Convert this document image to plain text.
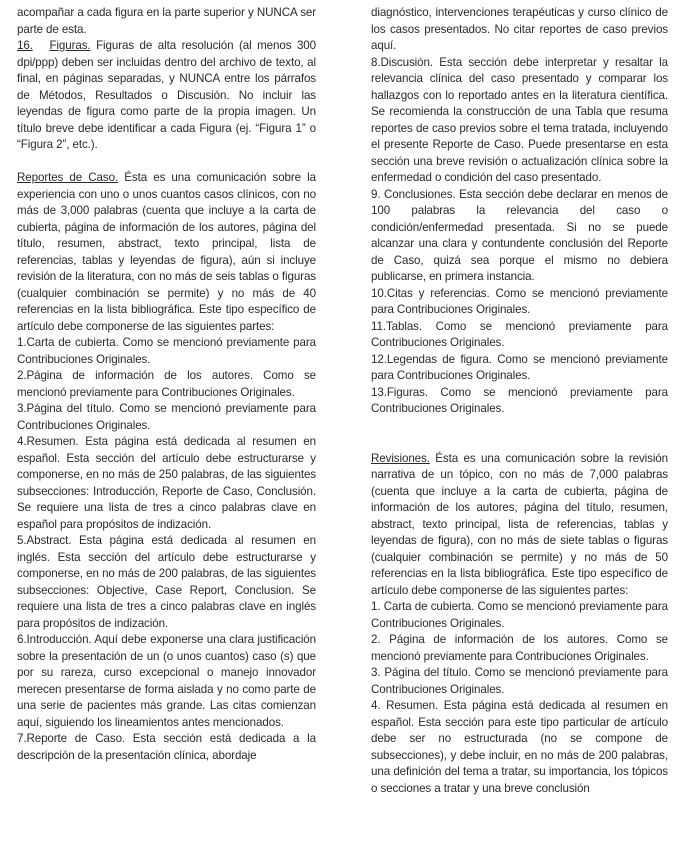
acompañar a cada figura en la parte superior y NUNCA ser parte de esta.

16. Figuras. Figuras de alta resolución (al menos 300 dpi/ppp) deben ser incluidas dentro del archivo de texto, al final, en páginas separadas, y NUNCA entre los párrafos de Métodos, Resultados o Discusión. No incluir las leyendas de figura como parte de la propia imagen. Un título breve debe identificar a cada Figura (ej. “Figura 1” o “Figura 2”, etc.).

Reportes de Caso. Ésta es una comunicación sobre la experiencia con uno o unos cuantos casos clínicos, con no más de 3,000 palabras (cuenta que incluye a la carta de cubierta, página de información de los autores, página del título, resumen, abstract, texto principal, lista de referencias, tablas y leyendas de figura), aún si incluye revisión de la literatura, con no más de seis tablas o figuras (cualquier combinación se permite) y no más de 40 referencias en la lista bibliográfica. Este tipo específico de artículo debe componerse de las siguientes partes:

1.Carta de cubierta. Como se mencionó previamente para Contribuciones Originales.

2.Página de información de los autores. Como se mencionó previamente para Contribuciones Originales.

3.Página del título. Como se mencionó previamente para Contribuciones Originales.

4.Resumen. Esta página está dedicada al resumen en español. Esta sección del artículo debe estructurarse y componerse, en no más de 250 palabras, de las siguientes subsecciones: Introducción, Reporte de Caso, Conclusión. Se requiere una lista de tres a cinco palabras clave en español para propósitos de indización.

5.Abstract. Esta página está dedicada al resumen en inglés. Esta sección del artículo debe estructurarse y componerse, en no más de 200 palabras, de las siguientes subsecciones: Objective, Case Report, Conclusion. Se requiere una lista de tres a cinco palabras clave en inglés para propósitos de indización.

6.Introducción. Aquí debe exponerse una clara justificación sobre la presentación de un (o unos cuantos) caso (s) que por su rareza, curso excepcional o manejo innovador merecen presentarse de forma aislada y no como parte de una serie de pacientes más grande. Las citas comienzan aquí, siguiendo los lineamientos antes mencionados.

7.Reporte de Caso. Esta sección está dedicada a la descripción de la presentación clínica, abordaje

diagnóstico, intervenciones terapéuticas y curso clínico de los casos presentados. No citar reportes de caso previos aquí.

8.Discusión. Esta sección debe interpretar y resaltar la relevancia clínica del caso presentado y comparar los hallazgos con lo reportado antes en la literatura científica. Se recomienda la construcción de una Tabla que resuma reportes de caso previos sobre el tema tratada, incluyendo el presente Reporte de Caso. Puede presentarse en esta sección una breve revisión o actualización clínica sobre la enfermedad o condición del caso presentado.

9. Conclusiones. Esta sección debe declarar en menos de 100 palabras la relevancia del caso o condición/enfermedad presentada. Si no se puede alcanzar una clara y contundente conclusión del Reporte de Caso, quizá sea porque el mismo no debiera publicarse, en primera instancia.

10.Citas y referencias. Como se mencionó previamente para Contribuciones Originales.

11.Tablas. Como se mencionó previamente para Contribuciones Originales.

12.Legendas de figura. Como se mencionó previamente para Contribuciones Originales.

13.Figuras. Como se mencionó previamente para Contribuciones Originales.

Revisiones. Ésta es una comunicación sobre la revisión narrativa de un tópico, con no más de 7,000 palabras (cuenta que incluye a la carta de cubierta, página de información de los autores, página del título, resumen, abstract, texto principal, lista de referencias, tablas y leyendas de figura), con no más de siete tablas o figuras (cualquier combinación se permite) y no más de 50 referencias en la lista bibliográfica. Este tipo específico de artículo debe componerse de las siguientes partes:

1. Carta de cubierta. Como se mencionó previamente para Contribuciones Originales.

2. Página de información de los autores. Como se mencionó previamente para Contribuciones Originales.

3. Página del título. Como se mencionó previamente para Contribuciones Originales.

4. Resumen. Esta página está dedicada al resumen en español. Esta sección para este tipo particular de artículo debe ser no estructurada (no se compone de subsecciones), y debe incluir, en no más de 200 palabras, una definición del tema a tratar, su importancia, los tópicos o secciones a tratar y una breve conclusión
